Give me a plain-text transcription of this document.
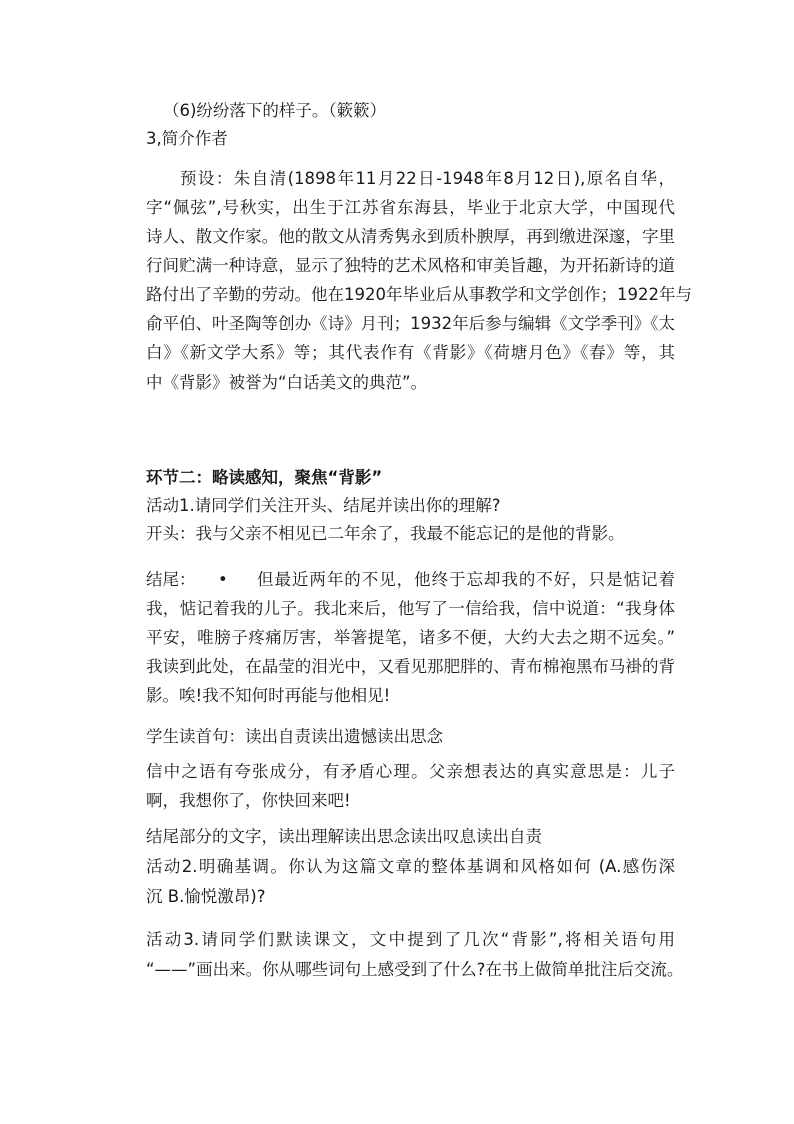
（6)纷纷落下的样子。（簌簌）
3,简介作者
预设：朱自清(1898年11月22日-1948年8月12日),原名自华，
字“佩弦”,号秋实，出生于江苏省东海县，毕业于北京大学，中国现代
诗人、散文作家。他的散文从清秀隽永到质朴腴厚，再到缴进深邃，字里
行间贮满一种诗意，显示了独特的艺术风格和审美旨趣，为开拓新诗的道
路付出了辛勤的劳动。他在1920年毕业后从事教学和文学创作；1922年与
俞平伯、叶圣陶等创办《诗》月刊；1932年后参与编辑《文学季刊》《太
白》《新文学大系》等；其代表作有《背影》《荷塘月色》《春》等，其
中《背影》被誉为“白话美文的典范”。
环节二：略读感知，聚焦“背影”
活动1.请同学们关注开头、结尾并读出你的理解?
开头：我与父亲不相见已二年余了，我最不能忘记的是他的背影。
结尾： • 但最近两年的不见，他终于忘却我的不好，只是惦记着
我，惦记着我的儿子。我北来后，他写了一信给我，信中说道：“我身体
平安，唯膀子疼痛厉害，举箸提笔，诸多不便，大约大去之期不远矣。”
我读到此处，在晶莹的泪光中，又看见那肥胖的、青布棉袍黑布马褂的背
影。唉!我不知何时再能与他相见!
学生读首句：读出自责读出遗憾读出思念
信中之语有夸张成分，有矛盾心理。父亲想表达的真实意思是：儿子
啊，我想你了，你快回来吧!
结尾部分的文字，读出理解读出思念读出叹息读出自责
活动2.明确基调。你认为这篇文章的整体基调和风格如何 (A.感伤深
沉 B.愉悦激昂)?
活动3.请同学们默读课文，文中提到了几次“背影”,将相关语句用
“——”画出来。你从哪些词句上感受到了什么?在书上做简单批注后交流。
